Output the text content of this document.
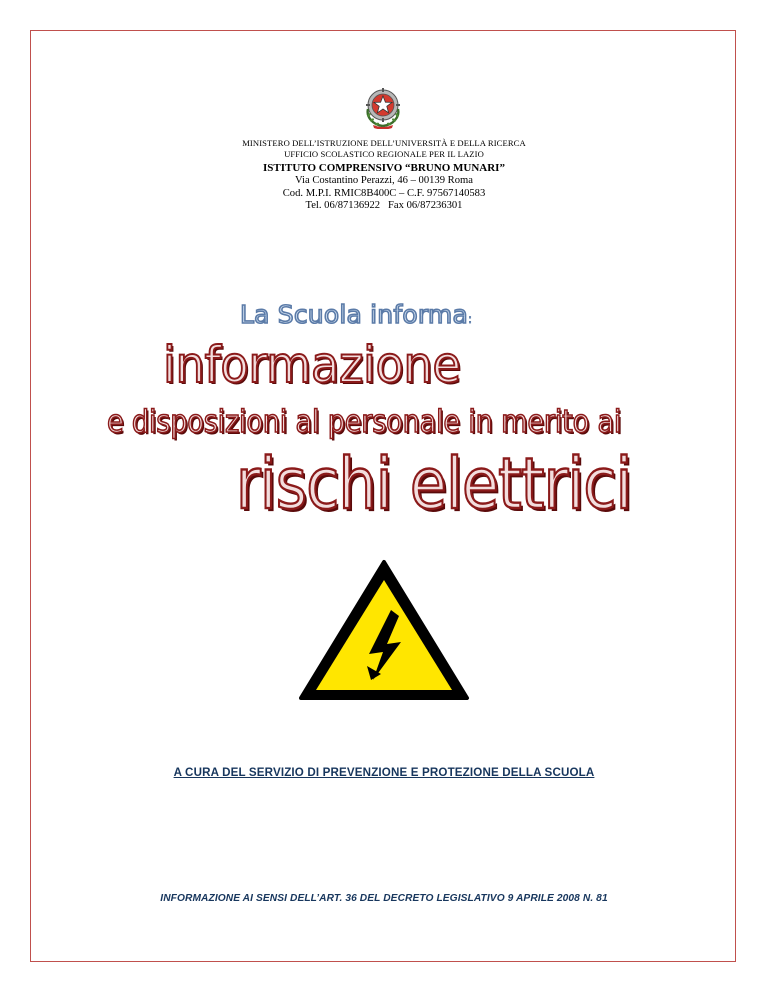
MINISTERO DELL’ISTRUZIONE DELL’UNIVERSITÀ E DELLA RICERCA
UFFICIO SCOLASTICO REGIONALE PER IL LAZIO
ISTITUTO COMPRENSIVO “BRUNO MUNARI”
Via Costantino Perazzi, 46 – 00139 Roma
Cod. M.P.I. RMIC8B400C – C.F. 97567140583
Tel. 06/87136922   Fax 06/87236301
La Scuola informa:
informazione
e disposizioni al personale in merito ai
rischi elettrici
A CURA DEL SERVIZIO DI PREVENZIONE E PROTEZIONE DELLA SCUOLA
INFORMAZIONE AI SENSI DELL’ART. 36 DEL DECRETO LEGISLATIVO 9 APRILE 2008 N. 81
